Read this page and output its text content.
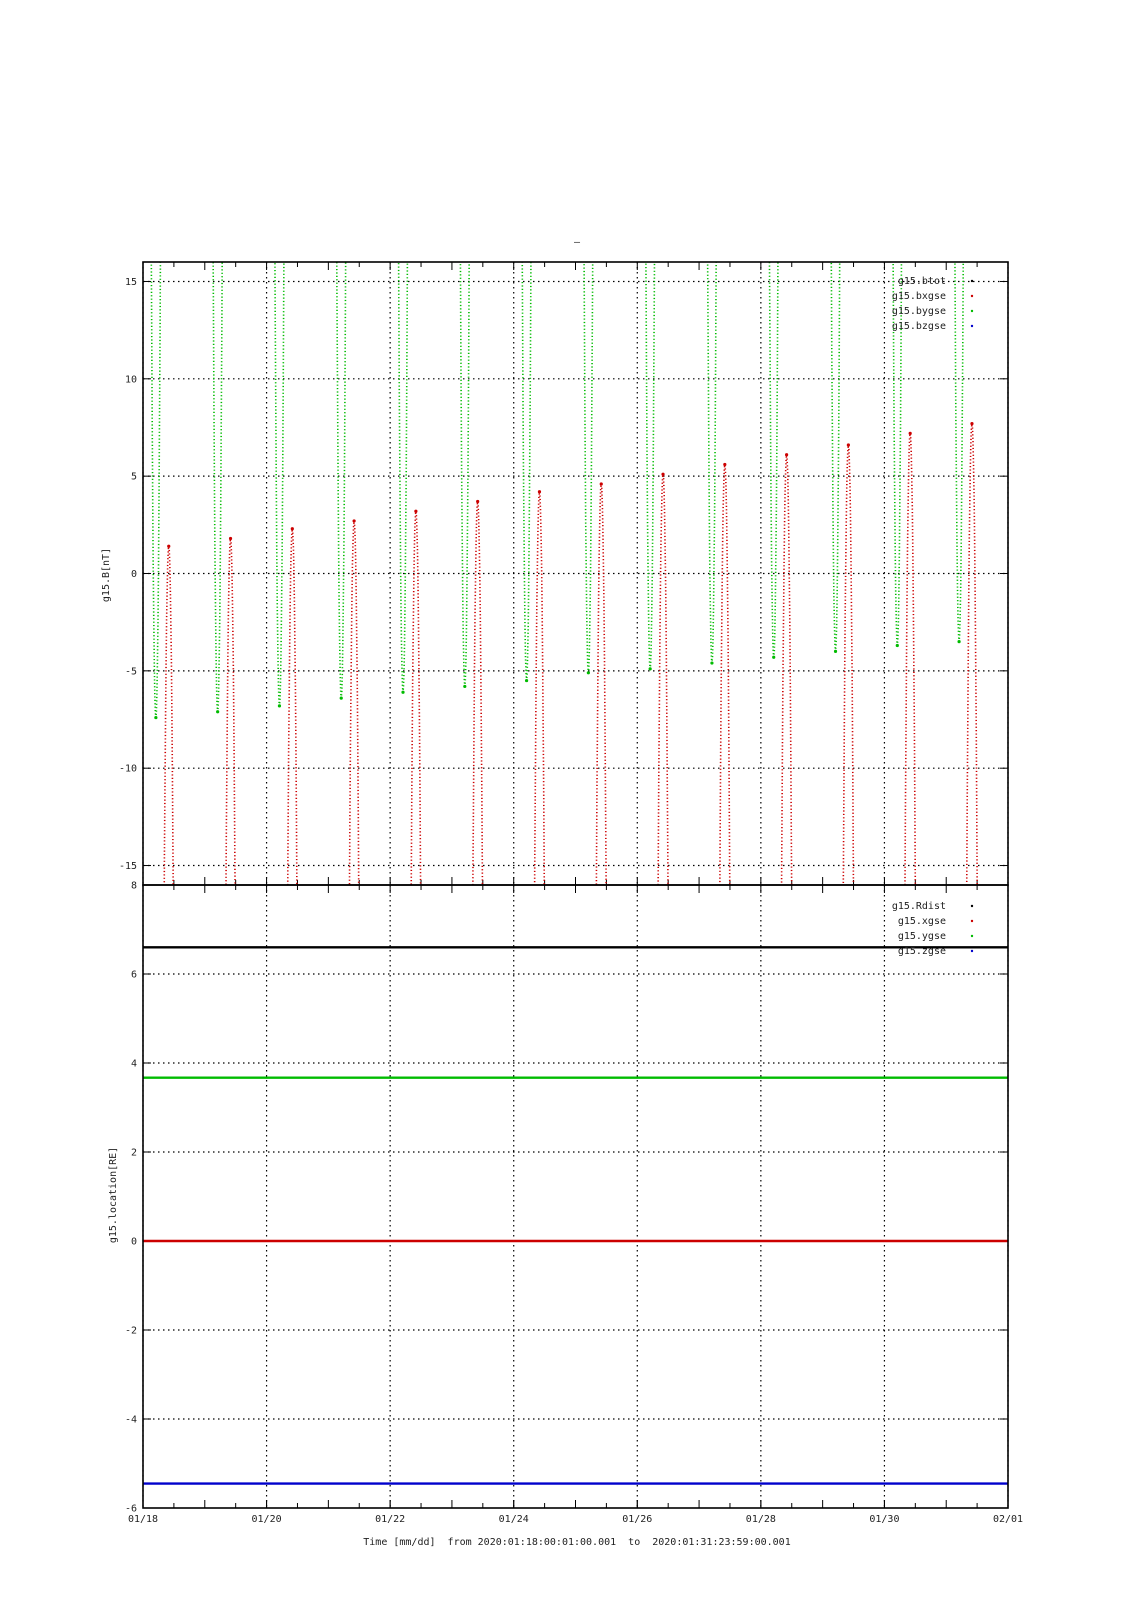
–
15
10
5
0
-5
-10
-15
g15.btot
g15.bxgse
g15.bygse
g15.bzgse
8
6
4
2
0
-2
-4
-6
01/18	01/20	01/22	01/24	01/26	01/28	01/30	02/01
g15.Rdist
g15.xgse
g15.ygse
g15.zgse
g15.B[nT]
g15.location[RE]
Time [mm/dd]  from 2020:01:18:00:01:00.001  to  2020:01:31:23:59:00.001
